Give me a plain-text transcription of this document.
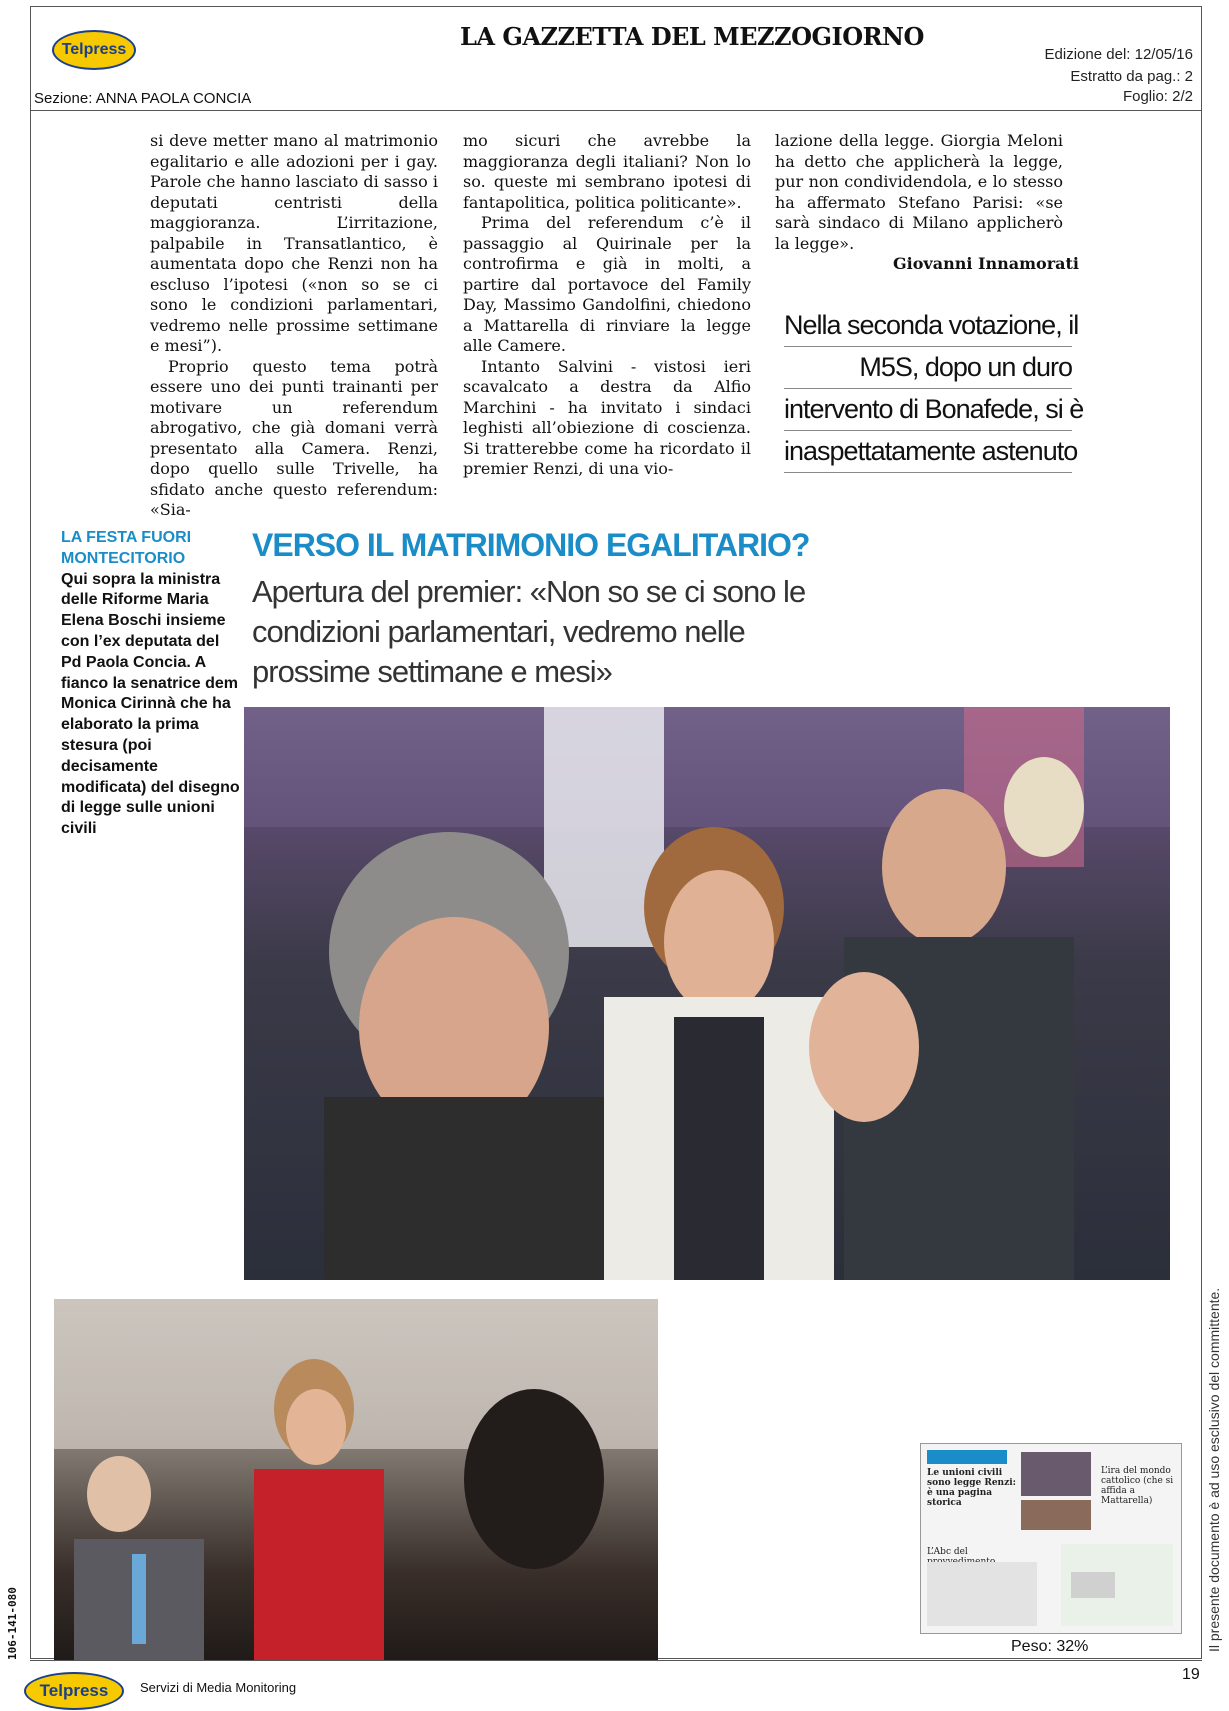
Telpress	LA GAZZETTA DEL MEZZOGIORNO
Edizione del: 12/05/16
Estratto da pag.: 2
Foglio: 2/2
Sezione: ANNA PAOLA CONCIA

si deve metter mano al matrimonio egalitario e alle adozioni per i gay. Parole che hanno lasciato di sasso i deputati centristi della maggioranza. L’irritazione, palpabile in Transatlantico, è aumentata dopo che Renzi non ha escluso l’ipotesi («non so se ci sono le condizioni parlamentari, vedremo nelle prossime settimane e mesi”).

Proprio questo tema potrà essere uno dei punti trainanti per motivare un referendum abrogativo, che già domani verrà presentato alla Camera. Renzi, dopo quello sulle Trivelle, ha sfidato anche questo referendum: «Sia-

mo sicuri che avrebbe la maggioranza degli italiani? Non lo so. queste mi sembrano ipotesi di fantapolitica, politica politicante».

Prima del referendum c’è il passaggio al Quirinale per la controfirma e già in molti, a partire dal portavoce del Family Day, Massimo Gandolfini, chiedono a Mattarella di rinviare la legge alle Camere.

Intanto Salvini - vistosi ieri scavalcato a destra da Alfio Marchini - ha invitato i sindaci leghisti all’obiezione di coscienza. Si tratterebbe come ha ricordato il premier Renzi, di una vio-

lazione della legge. Giorgia Meloni ha detto che applicherà la legge, pur non condividendola, e lo stesso ha affermato Stefano Parisi: «se sarà sindaco di Milano applicherò la legge».

Giovanni Innamorati
Nella seconda votazione, il
M5S, dopo un duro
intervento di Bonafede, si è
inaspettatamente astenuto
LA FESTA FUORI MONTECITORIO
Qui sopra la ministra delle Riforme Maria Elena Boschi insieme con l’ex deputata del Pd Paola Concia. A fianco la senatrice dem Monica Cirinnà che ha elaborato la prima stesura (poi decisamente modificata) del disegno di legge sulle unioni civili
VERSO IL MATRIMONIO EGALITARIO?
Apertura del premier: «Non so se ci sono le condizioni parlamentari, vedremo nelle prossime settimane e mesi»
Le unioni civili sono legge Renzi: è una pagina storica
L’ira del mondo cattolico (che si affida a Mattarella)
L’Abc del
Peso: 32%
19
Telpress	Servizi di Media Monitoring
Il presente documento è ad uso esclusivo del committente.
106-141-080
